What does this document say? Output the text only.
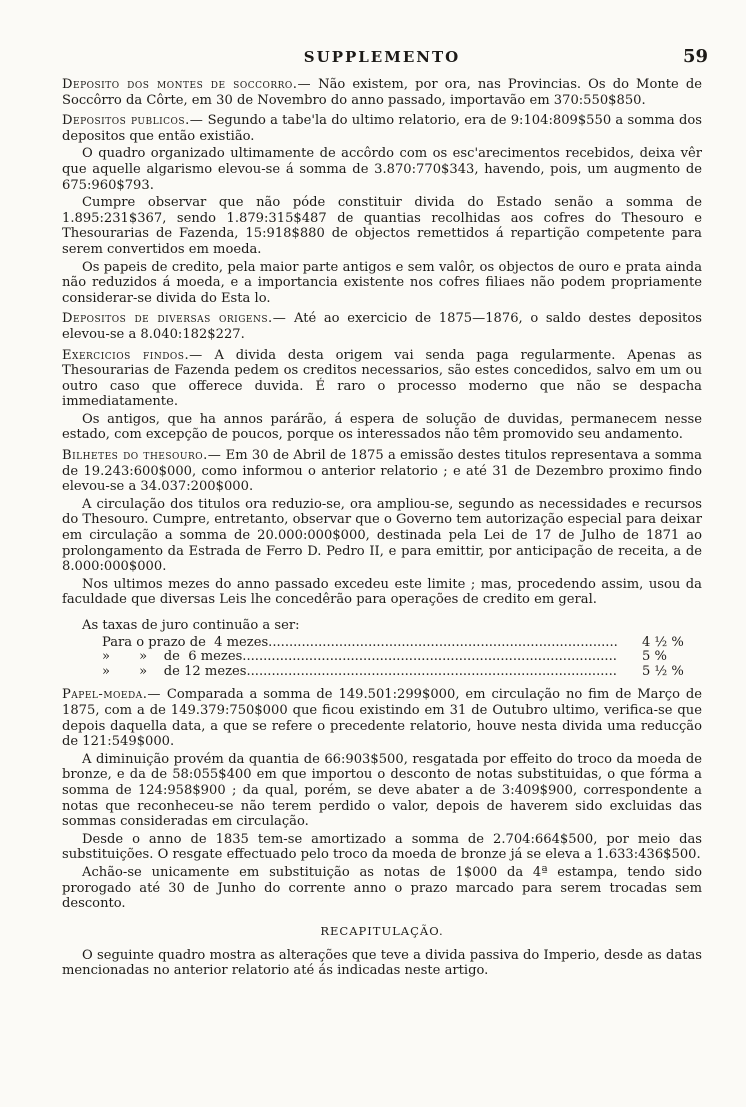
SUPPLEMENTO	59

Deposito dos montes de soccorro.— Não existem, por ora, nas Provincias. Os do Monte de Soccôrro da Côrte, em 30 de Novembro do anno passado, importavão em 370:550$850.

Depositos publicos.— Segundo a tabe'la do ultimo relatorio, era de 9:104:809$550 a somma dos depositos que então existião.

O quadro organizado ultimamente de accôrdo com os esc'arecimentos recebidos, deixa vêr que aquelle algarismo elevou-se á somma de 3.870:770$343, havendo, pois, um augmento de 675:960$793.

Cumpre observar que não póde constituir divida do Estado senão a somma de 1.895:231$367, sendo 1.879:315$487 de quantias recolhidas aos cofres do Thesouro e Thesourarias de Fazenda, 15:918$880 de objectos remettidos á repartição competente para serem convertidos em moeda.

Os papeis de credito, pela maior parte antigos e sem valôr, os objectos de ouro e prata ainda não reduzidos á moeda, e a importancia existente nos cofres filiaes não podem propriamente considerar-se divida do Esta lo.

Depositos de diversas origens.— Até ao exercicio de 1875—1876, o saldo destes depositos elevou-se a 8.040:182$227.

Exercicios findos.— A divida desta origem vai senda paga regularmente. Apenas as Thesourarias de Fazenda pedem os creditos necessarios, são estes concedidos, salvo em um ou outro caso que offerece duvida. É raro o processo moderno que não se despacha immediatamente.

Os antigos, que ha annos parárão, á espera de solução de duvidas, permanecem nesse estado, com excepção de poucos, porque os interessados não têm promovido seu andamento.

Bilhetes do thesouro.— Em 30 de Abril de 1875 a emissão destes titulos representava a somma de 19.243:600$000, como informou o anterior relatorio ; e até 31 de Dezembro proximo findo elevou-se a 34.037:200$000.

A circulação dos titulos ora reduzio-se, ora ampliou-se, segundo as necessidades e recursos do Thesouro. Cumpre, entretanto, observar que o Governo tem autorização especial para deixar em circulação a somma de 20.000:000$000, destinada pela Lei de 17 de Julho de 1871 ao prolongamento da Estrada de Ferro D. Pedro II, e para emittir, por anticipação de receita, a de 8.000:000$000.

Nos ultimos mezes do anno passado excedeu este limite ; mas, procedendo assim, usou da faculdade que diversas Leis lhe concedêrão para operações de credito em geral.

As taxas de juro continuão a ser:

Para o prazo de  4 mezes .....	4 ½ %
»       »    de  6 mezes .....	5 %
»       »    de 12 mezes .....	5 ½ %

Papel-moeda.— Comparada a somma de 149.501:299$000, em circulação no fim de Março de 1875, com a de 149.379:750$000 que ficou existindo em 31 de Outubro ultimo, verifica-se que depois daquella data, a que se refere o precedente relatorio, houve nesta divida uma reducção de 121:549$000.

A diminuição provém da quantia de 66:903$500, resgatada por effeito do troco da moeda de bronze, e da de 58:055$400 em que importou o desconto de notas substituidas, o que fórma a somma de 124:958$900 ; da qual, porém, se deve abater a de 3:409$900, correspondente a notas que reconheceu-se não terem perdido o valor, depois de haverem sido excluidas das sommas consideradas em circulação.

Desde o anno de 1835 tem-se amortizado a somma de 2.704:664$500, por meio das substituições. O resgate effectuado pelo troco da moeda de bronze já se eleva a 1.633:436$500.

Achão-se unicamente em substituição as notas de 1$000 da 4ª estampa, tendo sido prorogado até 30 de Junho do corrente anno o prazo marcado para serem trocadas sem desconto.

RECAPITULAÇÃO.

O seguinte quadro mostra as alterações que teve a divida passiva do Imperio, desde as datas mencionadas no anterior relatorio até ás indicadas neste artigo.
